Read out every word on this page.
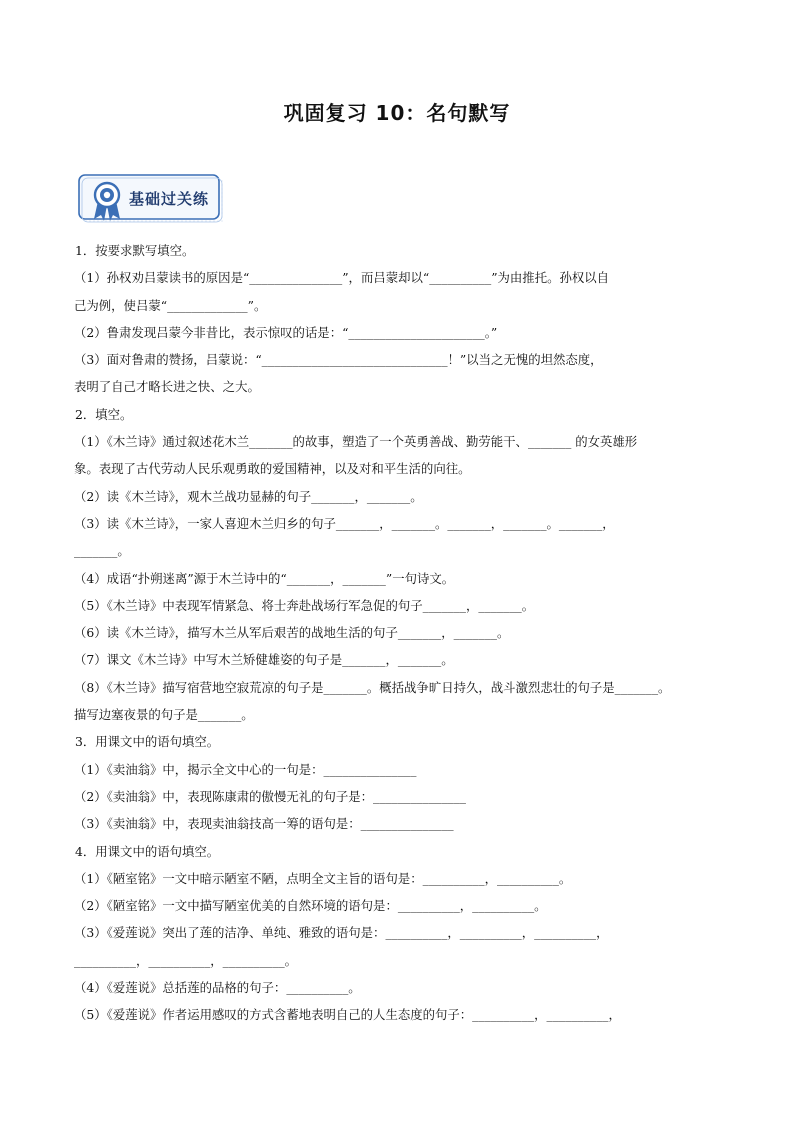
巩固复习 10：名句默写
基础过关练
1．按要求默写填空。
（1）孙权劝吕蒙读书的原因是“_______________”，而吕蒙却以“__________”为由推托。孙权以自
己为例，使吕蒙“_____________”。
（2）鲁肃发现吕蒙今非昔比，表示惊叹的话是：“______________________。”
（3）面对鲁肃的赞扬，吕蒙说：“______________________________！”以当之无愧的坦然态度，
表明了自己才略长进之快、之大。
2．填空。
（1）《木兰诗》通过叙述花木兰_______的故事，塑造了一个英勇善战、勤劳能干、_______ 的女英雄形
象。表现了古代劳动人民乐观勇敢的爱国精神，以及对和平生活的向往。
（2）读《木兰诗》，观木兰战功显赫的句子_______，_______。
（3）读《木兰诗》，一家人喜迎木兰归乡的句子_______，_______。_______，_______。_______，
_______。
（4）成语“扑朔迷离”源于木兰诗中的“_______，_______”一句诗文。
（5）《木兰诗》中表现军情紧急、将士奔赴战场行军急促的句子_______，_______。
（6）读《木兰诗》，描写木兰从军后艰苦的战地生活的句子_______，_______。
（7）课文《木兰诗》中写木兰矫健雄姿的句子是_______，_______。
（8）《木兰诗》描写宿营地空寂荒凉的句子是_______。概括战争旷日持久，战斗激烈悲壮的句子是_______。
描写边塞夜景的句子是_______。
3．用课文中的语句填空。
（1）《卖油翁》中，揭示全文中心的一句是：_______________
（2）《卖油翁》中，表现陈康肃的傲慢无礼的句子是：_______________
（3）《卖油翁》中，表现卖油翁技高一筹的语句是：_______________
4．用课文中的语句填空。
（1）《陋室铭》一文中暗示陋室不陋，点明全文主旨的语句是：__________，__________。
（2）《陋室铭》一文中描写陋室优美的自然环境的语句是：__________，__________。
（3）《爱莲说》突出了莲的洁净、单纯、雅致的语句是：__________，__________，__________，
__________，__________，__________。
（4）《爱莲说》总括莲的品格的句子：__________。
（5）《爱莲说》作者运用感叹的方式含蓄地表明自己的人生态度的句子：__________，__________，
